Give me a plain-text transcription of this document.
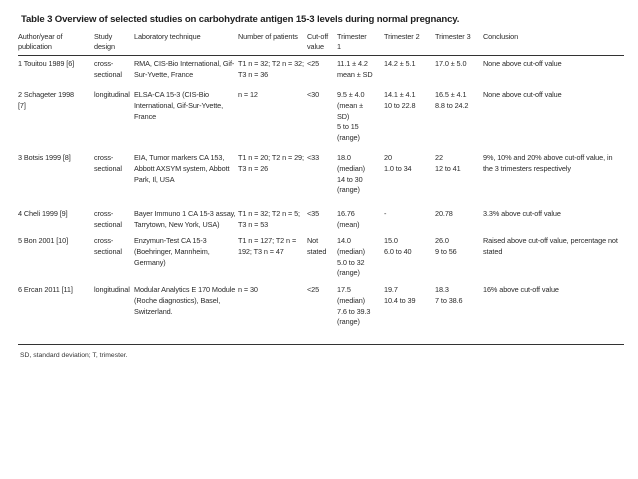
Table 3 Overview of selected studies on carbohydrate antigen 15-3 levels during normal pregnancy.
Author/year of
publication	Study
design	Laboratory technique	Number of patients	Cut-off
value	Trimester
1	Trimester 2	Trimester 3	Conclusion

1 Touitou 1989 [6]	cross-
sectional	RMA, CIS-Bio International, Gif-
Sur-Yvette, France	T1 n = 32; T2 n = 32;
T3 n = 36	<25	11.1 ± 4.2
mean ± SD	14.2 ± 5.1	17.0 ± 5.0	None above cut-off value

2 Schageter 1998
[7]	longitudinal	ELSA-CA 15-3 (CIS-Bio
International, Gif-Sur-Yvette,
France	n = 12	<30	9.5 ± 4.0
(mean ±
SD)
5 to 15
(range)	14.1 ± 4.1
10 to 22.8	16.5 ± 4.1
8.8 to 24.2	None above cut-off value

3 Botsis 1999 [8]	cross-
sectional	EIA, Tumor markers CA 153,
Abbott AXSYM system, Abbott
Park, Il, USA	T1 n = 20; T2 n = 29;
T3 n = 26	<33	18.0
(median)
14 to 30
(range)	20
1.0 to 34	22
12 to 41	9%, 10% and 20% above cut-off value, in
the 3 trimesters respectively

4 Cheli 1999 [9]	cross-
sectional	Bayer Immuno 1 CA 15-3 assay,
Tarrytown, New York, USA)	T1 n = 32; T2 n = 5;
T3 n = 53	<35	16.76
(mean)	-	20.78	3.3% above cut-off value

5 Bon 2001 [10]	cross-
sectional	Enzymun-Test CA 15-3
(Boehringer, Mannheim,
Germany)	T1 n = 127; T2 n =
192; T3 n = 47	Not
stated	14.0
(median)
5.0 to 32
(range)	15.0
6.0 to 40	26.0
9 to 56	Raised above cut-off value, percentage not
stated

6 Ercan 2011 [11]	longitudinal	Modular Analytics E 170 Module
(Roche diagnostics), Basel,
Switzerland.	n = 30	<25	17.5
(median)
7.6 to 39.3
(range)	19.7
10.4 to 39	18.3
7 to 38.6	16% above cut-off value
SD, standard deviation; T, trimester.
